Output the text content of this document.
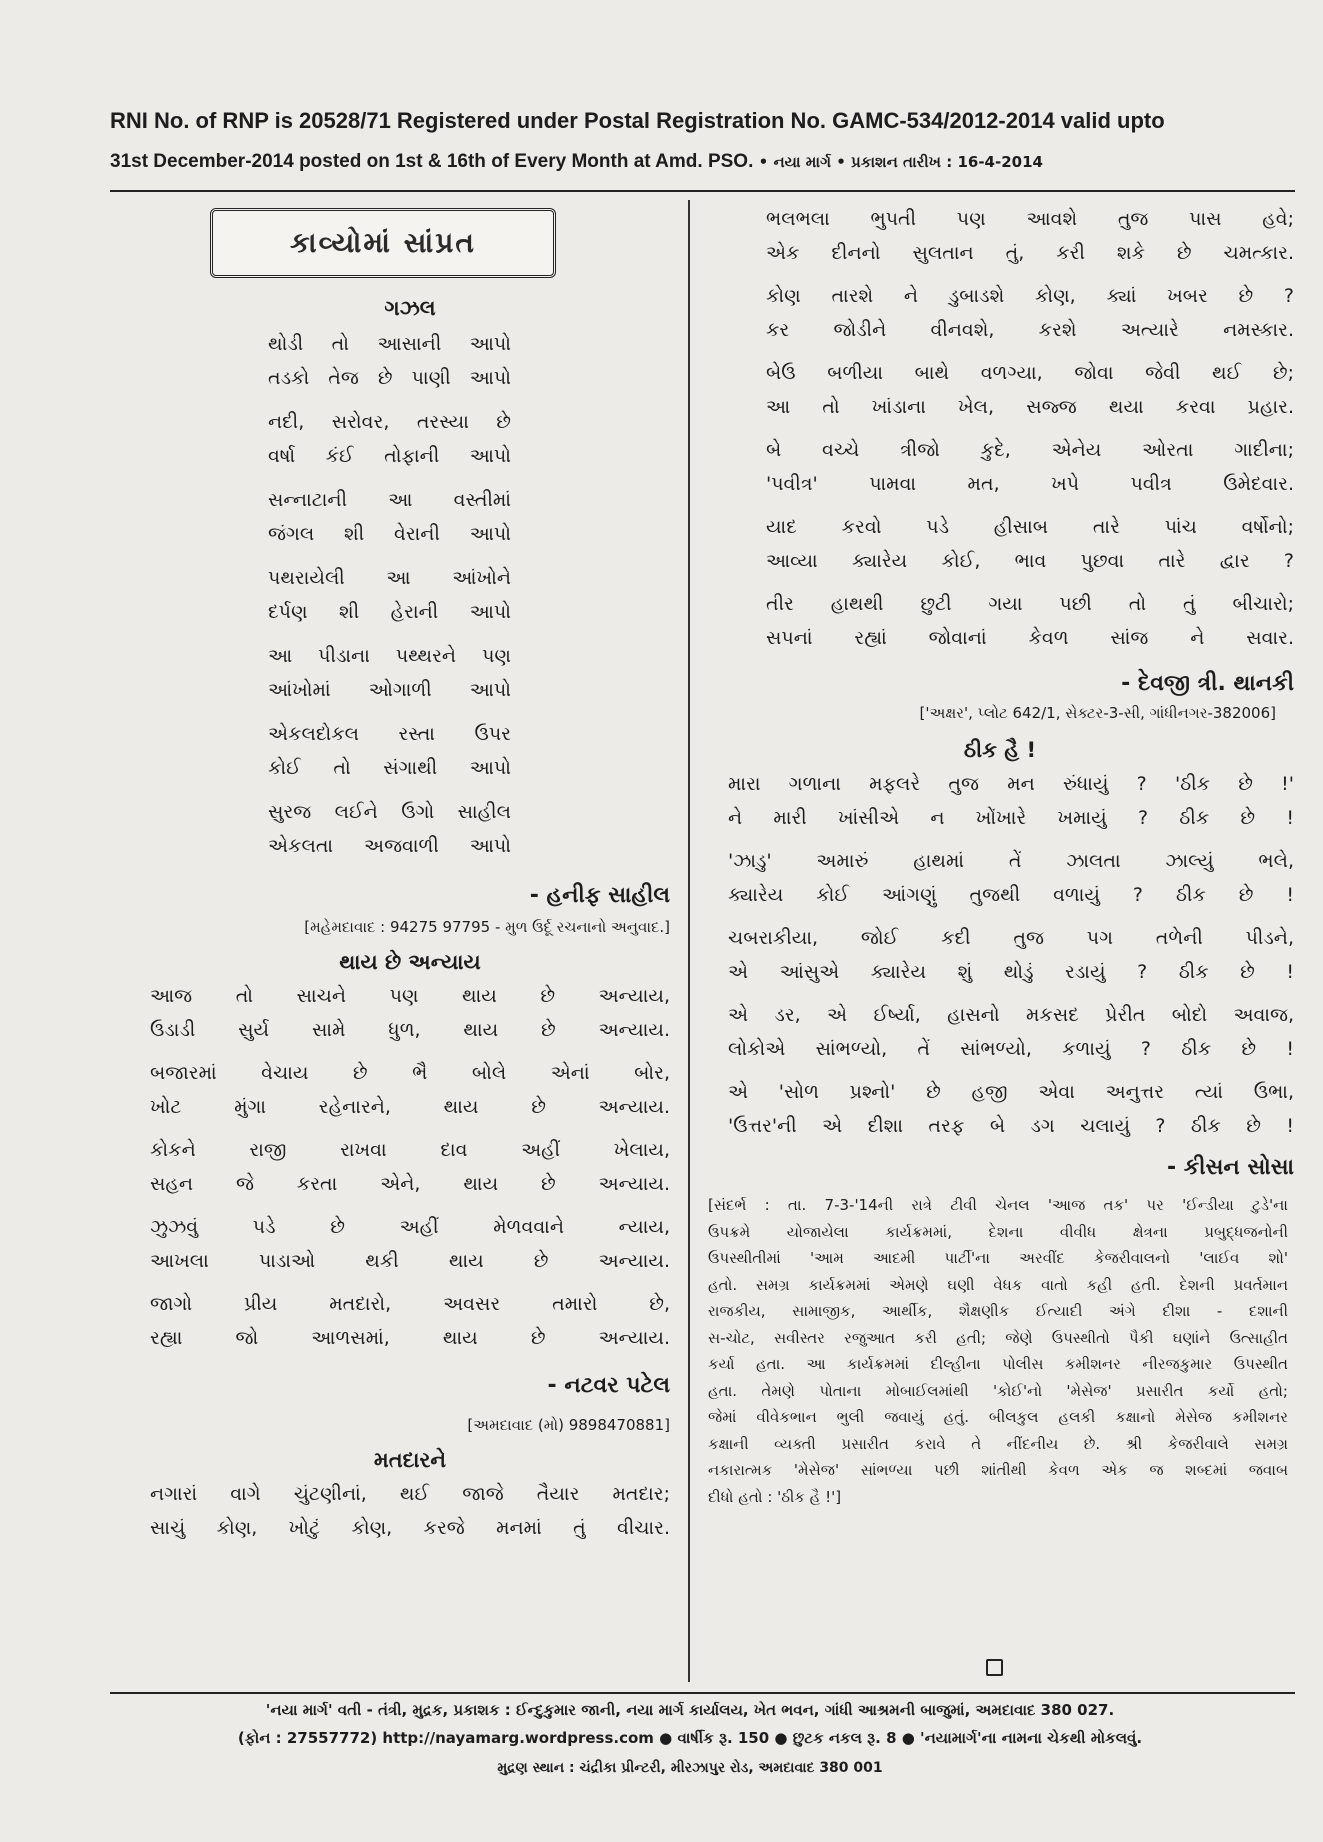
RNI No. of RNP is 20528/71 Registered under Postal Registration No. GAMC-534/2012-2014 valid upto
31st December-2014 posted on 1st & 16th of Every Month at Amd. PSO. • નયા માર્ગ • પ્રકાશન તારીખ : 16-4-2014
કાવ્યોમાં સાંપ્રત

ગઝલ

થોડી તો આસાની આપો
તડકો તેજ છે પાણી આપો
નદી, સરોવર, તરસ્યા છે
વર્ષા કંઈ તોફાની આપો
સન્નાટાની આ વસ્તીમાં
જંગલ શી વેરાની આપો
પથરાયેલી આ આંખોને
દર્પણ શી હેરાની આપો
આ પીડાના પથ્થરને પણ
આંખોમાં ઓગાળી આપો
એકલદોકલ રસ્તા ઉપર
કોઈ તો સંગાથી આપો
સુરજ લઈને ઉગો સાહીલ
એકલતા અજવાળી આપો
- હનીફ સાહીલ
[મહેમદાવાદ : 94275 97795 - મુળ ઉર્દૂ રચનાનો અનુવાદ.]

થાય છે અન્યાય

આજ તો સાચને પણ થાય છે અન્યાય,
ઉડાડી સુર્ય સામે ધુળ, થાય છે અન્યાય.
બજારમાં વેચાય છે ભૈ બોલે એનાં બોર,
ખોટ મુંગા રહેનારને, થાય છે અન્યાય.
કોકને રાજી રાખવા દાવ અહીં ખેલાય,
સહન જે કરતા એને, થાય છે અન્યાય.
ઝુઝવું પડે છે અહીં મેળવવાને ન્યાય,
આખલા પાડાઓ થકી થાય છે અન્યાય.
જાગો પ્રીય મતદારો, અવસર તમારો છે,
રહ્યા જો આળસમાં, થાય છે અન્યાય.
- નટવર પટેલ
[અમદાવાદ (મો) 9898470881]

મતદારને

નગારાં વાગે ચુંટણીનાં, થઈ જાજે તૈયાર મતદાર;
સાચું કોણ, ખોટું કોણ, કરજે મનમાં તું વીચાર.
ભલભલા ભુપતી પણ આવશે તુજ પાસ હવે;
એક દીનનો સુલતાન તું, કરી શકે છે ચમત્કાર.
કોણ તારશે ને ડુબાડશે કોણ, ક્યાં ખબર છે ?
કર જોડીને વીનવશે, કરશે અત્યારે નમસ્કાર.
બેઉ બળીયા બાથે વળગ્યા, જોવા જેવી થઈ છે;
આ તો ખાંડાના ખેલ, સજ્જ થયા કરવા પ્રહાર.
બે વચ્ચે ત્રીજો કુદે, એનેય ઓરતા ગાદીના;
'પવીત્ર' પામવા મત, ખપે પવીત્ર ઉમેદવાર.
યાદ કરવો પડે હીસાબ તારે પાંચ વર્ષોનો;
આવ્યા ક્યારેય કોઈ, ભાવ પુછવા તારે દ્વાર ?
તીર હાથથી છુટી ગયા પછી તો તું બીચારો;
સપનાં રહ્યાં જોવાનાં કેવળ સાંજ ને સવાર.
- દેવજી ત્રી. થાનકી
['અક્ષર', પ્લોટ 642/1, સેક્ટર-3-સી, ગાંધીનગર-382006]

ઠીક હૈ !

મારા ગળાના મફલરે તુજ મન રુંધાયું ? 'ઠીક છે !'
ને મારી ખાંસીએ ન ખોંખારે ખમાયું ? ઠીક છે !
'ઝાડુ' અમારું હાથમાં તેં ઝાલતા ઝાલ્યું ભલે,
ક્યારેય કોઈ આંગણું તુજથી વળાયું ? ઠીક છે !
ચબરાકીયા, જોઈ કદી તુજ પગ તળેની પીડને,
એ આંસુએ ક્યારેય શું થોડું રડાયું ? ઠીક છે !
એ ડર, એ ઈર્ષ્યા, હાસનો મકસદ પ્રેરીત બોદો અવાજ,
લોકોએ સાંભળ્યો, તેં સાંભળ્યો, કળાયું ? ઠીક છે !
એ 'સોળ પ્રશ્નો' છે હજી એવા અનુત્તર ત્યાં ઉભા,
'ઉત્તર'ની એ દીશા તરફ બે ડગ ચલાયું ? ઠીક છે !
- કીસન સોસા
[સંદર્ભ : તા. 7-3-'14ની રાત્રે ટીવી ચેનલ 'આજ તક' પર 'ઈન્ડીયા ટુડે'ના
ઉપક્રમે યોજાયેલા કાર્યક્રમમાં, દેશના વીવીધ ક્ષેત્રના પ્રબુદ્ધજનોની
ઉપસ્થીતીમાં 'આમ આદમી પાર્ટી'ના અરવીંદ કેજરીવાલનો 'લાઈવ શો'
હતો. સમગ્ર કાર્યક્રમમાં એમણે ઘણી વેધક વાતો કહી હતી. દેશની પ્રવર્તમાન
રાજકીય, સામાજીક, આર્થીક, શૈક્ષણીક ઈત્યાદી અંગે દીશા - દશાની
સ-ચોટ, સવીસ્તર રજુઆત કરી હતી; જેણે ઉપસ્થીતો પૈકી ઘણાંને ઉત્સાહીત
કર્યા હતા. આ કાર્યક્રમમાં દીલ્હીના પોલીસ કમીશનર નીરજકુમાર ઉપસ્થીત
હતા. તેમણે પોતાના મોબાઈલમાંથી 'કોઈ'નો 'મેસેજ' પ્રસારીત કર્યો હતો;
જેમાં વીવેકભાન ભુલી જવાયું હતું. બીલકુલ હલકી કક્ષાનો મેસેજ કમીશનર
કક્ષાની વ્યક્તી પ્રસારીત કરાવે તે નીંદનીય છે. શ્રી કેજરીવાલે સમગ્ર
નકારાત્મક 'મેસેજ' સાંભળ્યા પછી શાંતીથી કેવળ એક જ શબ્દમાં જવાબ
દીધો હતો : 'ઠીક હૈ !']
'નયા માર્ગ' વતી - તંત્રી, મુદ્રક, પ્રકાશક : ઈન્દુકુમાર જાની, નયા માર્ગ કાર્યાલય, ખેત ભવન, ગાંધી આશ્રમની બાજુમાં, અમદાવાદ 380 027.
(ફોન : 27557772) http://nayamarg.wordpress.com ● વાર્ષીક રૂ. 150 ● છુટક નકલ રૂ. 8 ● 'નયામાર્ગ'ના નામના ચેકથી મોકલવું.
મુદ્રણ સ્થાન : ચંદ્રીકા પ્રીન્ટરી, મીરઝાપુર રોડ, અમદાવાદ 380 001
